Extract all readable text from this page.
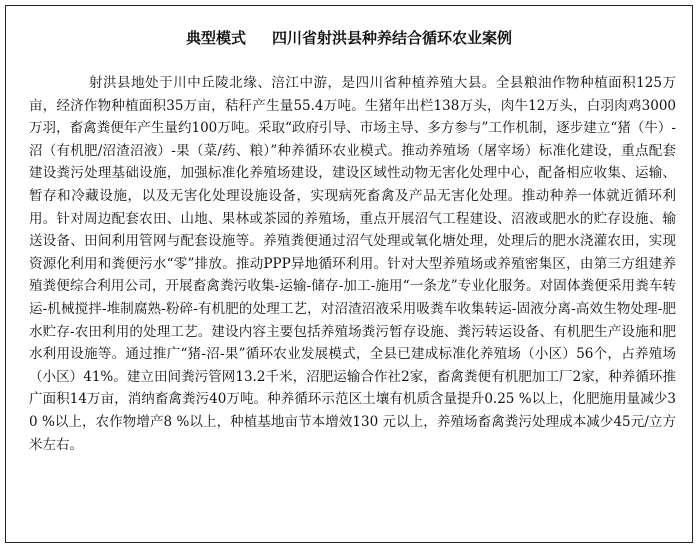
典型模式 四川省射洪县种养结合循环农业案例
射洪县地处于川中丘陵北缘、涪江中游，是四川省种植养殖大县。全县粮油作物种植面积125万亩，经济作物种植面积35万亩，秸秆产生量55.4万吨。生猪年出栏138万头，肉牛12万头，白羽肉鸡3000万羽，畜禽粪便年产生量约100万吨。采取“政府引导、市场主导、多方参与”工作机制，逐步建立“猪（牛）-沼（有机肥/沼渣沼液）-果（菜/药、粮）”种养循环农业模式。推动养殖场（屠宰场）标准化建设，重点配套建设粪污处理基础设施，加强标准化养殖场建设，建设区域性动物无害化处理中心，配备相应收集、运输、暂存和冷藏设施，以及无害化处理设施设备，实现病死畜禽及产品无害化处理。推动种养一体就近循环利用。针对周边配套农田、山地、果林或茶园的养殖场，重点开展沼气工程建设、沼液或肥水的贮存设施、输送设备、田间利用管网与配套设施等。养殖粪便通过沼气处理或氧化塘处理，处理后的肥水浇灌农田，实现资源化利用和粪便污水“零”排放。推动PPP异地循环利用。针对大型养殖场或养殖密集区，由第三方组建养殖粪便综合利用公司，开展畜禽粪污收集-运输-储存-加工-施用“一条龙”专业化服务。对固体粪便采用粪车转运-机械搅拌-堆制腐熟-粉碎-有机肥的处理工艺，对沼渣沼液采用吸粪车收集转运-固液分离-高效生物处理-肥水贮存-农田利用的处理工艺。建设内容主要包括养殖场粪污暂存设施、粪污转运设备、有机肥生产设施和肥水利用设施等。通过推广“猪-沼-果”循环农业发展模式，全县已建成标准化养殖场（小区）56个，占养殖场（小区）41%。建立田间粪污管网13.2千米，沼肥运输合作社2家，畜禽粪便有机肥加工厂2家，种养循环推广面积14万亩，消纳畜禽粪污40万吨。种养循环示范区土壤有机质含量提升0.25 %以上，化肥施用量减少30 %以上，农作物增产8 %以上，种植基地亩节本增效130 元以上，养殖场畜禽粪污处理成本减少45元/立方米左右。
